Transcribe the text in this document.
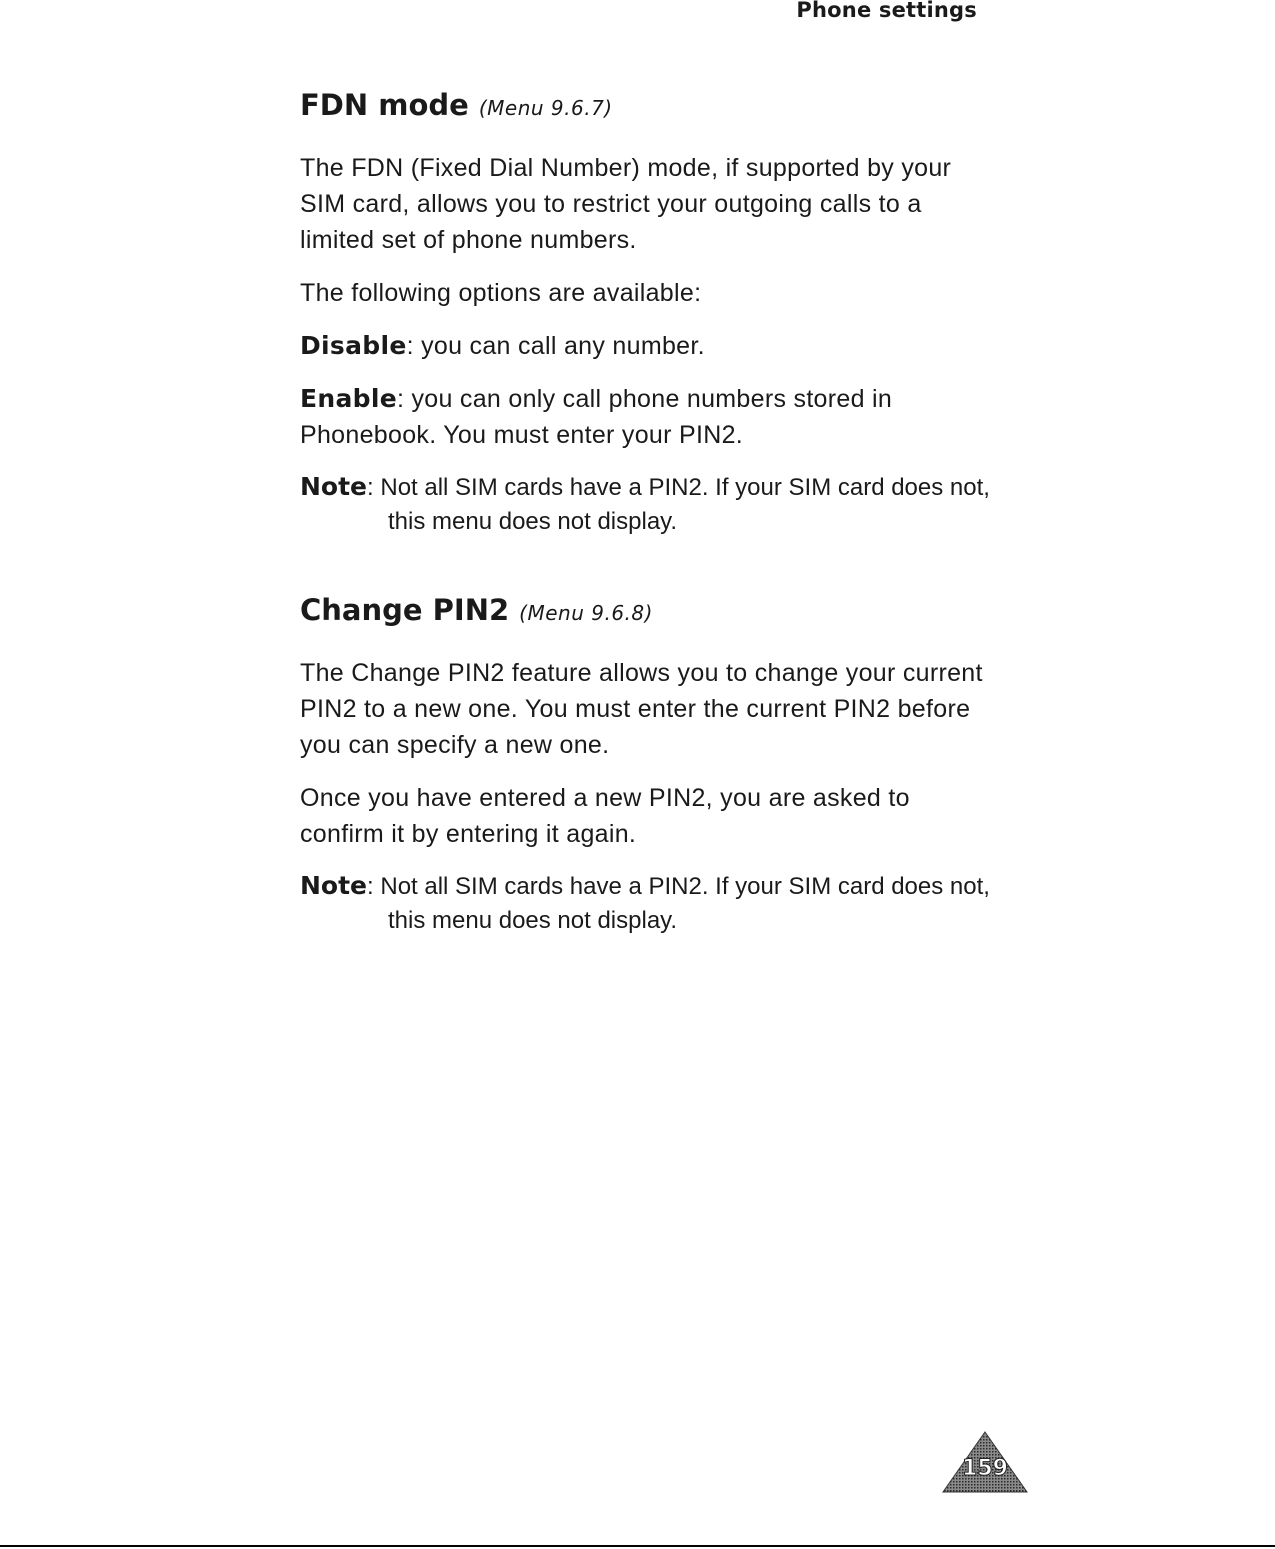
Phone settings
FDN mode (Menu 9.6.7)

The FDN (Fixed Dial Number) mode, if supported by your SIM card, allows you to restrict your outgoing calls to a limited set of phone numbers.

The following options are available:

Disable: you can call any number.

Enable: you can only call phone numbers stored in Phonebook. You must enter your PIN2.

Note: Not all SIM cards have a PIN2. If your SIM card does not, this menu does not display.

Change PIN2 (Menu 9.6.8)

The Change PIN2 feature allows you to change your current PIN2 to a new one. You must enter the current PIN2 before you can specify a new one.

Once you have entered a new PIN2, you are asked to confirm it by entering it again.

Note: Not all SIM cards have a PIN2. If your SIM card does not, this menu does not display.

159
